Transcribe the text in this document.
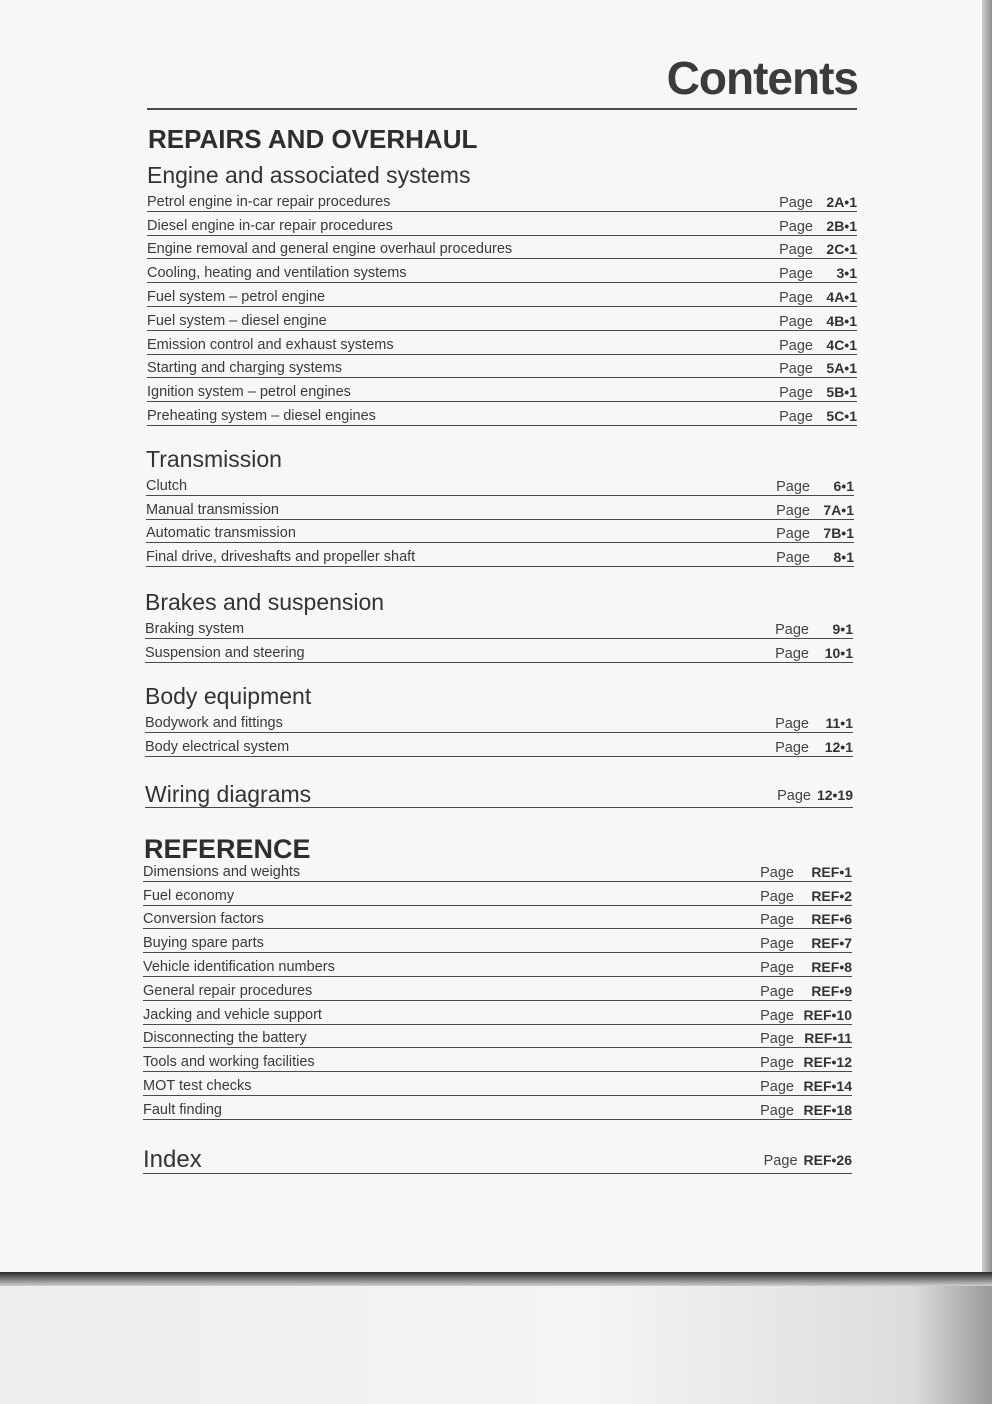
Contents
REPAIRS AND OVERHAUL
Engine and associated systems
Petrol engine in-car repair procedures	Page 2A•1
Diesel engine in-car repair procedures	Page 2B•1
Engine removal and general engine overhaul procedures	Page 2C•1
Cooling, heating and ventilation systems	Page	3•1
Fuel system – petrol engine	Page 4A•1
Fuel system – diesel engine	Page 4B•1
Emission control and exhaust systems	Page 4C•1
Starting and charging systems	Page 5A•1
Ignition system – petrol engines	Page 5B•1
Preheating system – diesel engines	Page 5C•1
Transmission
Clutch	Page	6•1
Manual transmission	Page 7A•1
Automatic transmission	Page 7B•1
Final drive, driveshafts and propeller shaft	Page	8•1
Brakes and suspension
Braking system	Page	9•1
Suspension and steering	Page	10•1
Body equipment
Bodywork and fittings	Page	11•1
Body electrical system	Page	12•1
Wiring diagrams	Page 12•19
REFERENCE
Dimensions and weights	Page	REF•1
Fuel economy	Page	REF•2
Conversion factors	Page	REF•6
Buying spare parts	Page	REF•7
Vehicle identification numbers	Page	REF•8
General repair procedures	Page	REF•9
Jacking and vehicle support	Page REF•10
Disconnecting the battery	Page REF•11
Tools and working facilities	Page REF•12
MOT test checks	Page REF•14
Fault finding	Page REF•18
Index	Page REF•26
